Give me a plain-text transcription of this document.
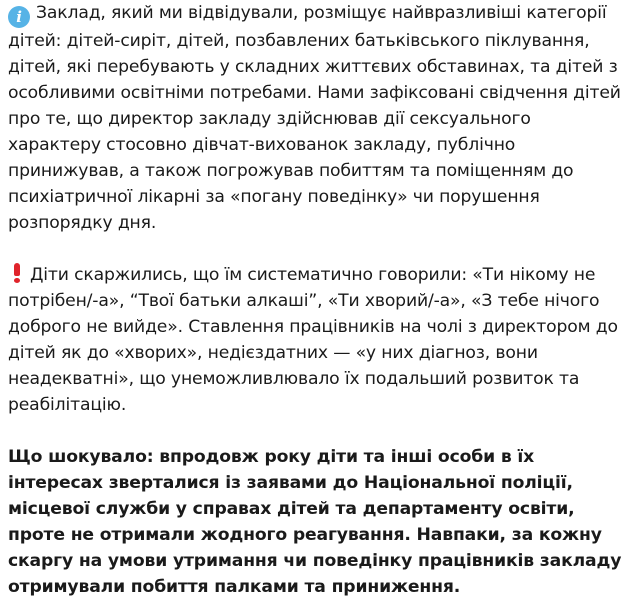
i Заклад, який ми відвідували, розміщує найвразливіші категорії дітей: дітей-сиріт, дітей, позбавлених батьківського піклування, дітей, які перебувають у складних життєвих обставинах, та дітей з особливими освітніми потребами. Нами зафіксовані свідчення дітей про те, що директор закладу здійснював дії сексуального характеру стосовно дівчат-вихованок закладу, публічно принижував, а також погрожував побиттям та поміщенням до психіатричної лікарні за «погану поведінку» чи порушення розпорядку дня.

Діти скаржились, що їм систематично говорили: «Ти нікому не потрібен/-а», “Твої батьки алкаші”, «Ти хворий/-а», «З тебе нічого доброго не вийде». Ставлення працівників на чолі з директором до дітей як до «хворих», недієздатних — «у них діагноз, вони неадекватні», що унеможливлювало їх подальший розвиток та реабілітацію.

Що шокувало: впродовж року діти та інші особи в їх інтересах зверталися із заявами до Національної поліції, місцевої служби у справах дітей та департаменту освіти, проте не отримали жодного реагування. Навпаки, за кожну скаргу на умови утримання чи поведінку працівників закладу отримували побиття палками та приниження.
